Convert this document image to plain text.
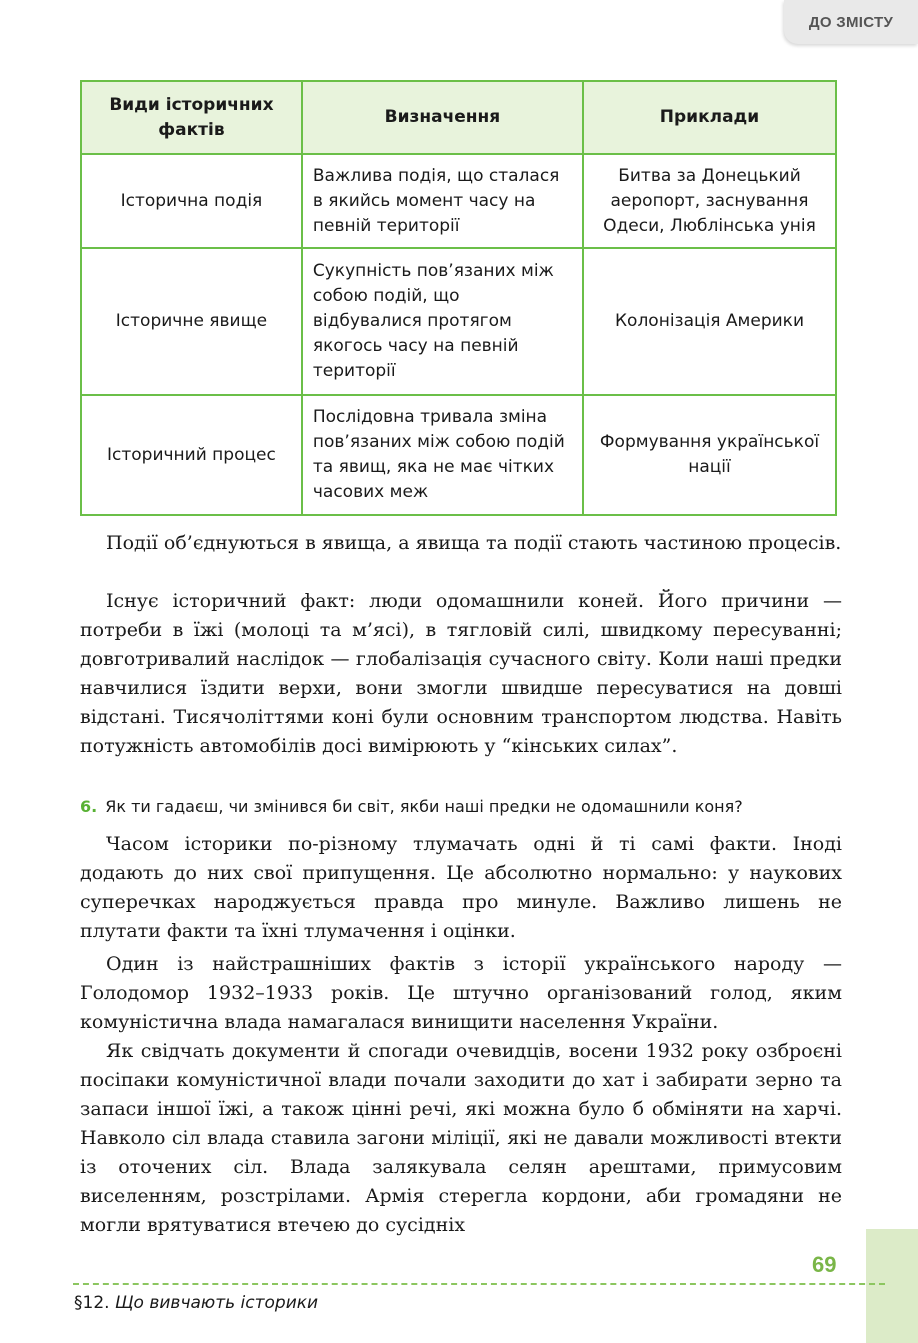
ДО ЗМІСТУ
Види історичних фактів	Визначення	Приклади
Історична подія	Важлива подія, що сталася в якийсь момент часу на певній території	Битва за Донецький аеропорт, заснування Одеси, Люблінська унія
Історичне явище	Сукупність пов’язаних між собою подій, що відбувалися протягом якогось часу на певній території	Колонізація Америки
Історичний процес	Послідовна тривала зміна пов’язаних між собою подій та явищ, яка не має чітких часових меж	Формування української нації

Події об’єднуються в явища, а явища та події стають частиною процесів.

Існує історичний факт: люди одомашнили коней. Його причини — потреби в їжі (молоці та м’ясі), в тягловій силі, швидкому пересуванні; довготривалий наслідок — глобалізація сучасного світу. Коли наші предки навчилися їздити верхи, вони змогли швидше пересуватися на довші відстані. Тисячоліттями коні були основним транспортом людства. Навіть потужність автомобілів досі вимірюють у “кінських силах”.

6. Як ти гадаєш, чи змінився би світ, якби наші предки не одомашнили коня?

Часом історики по-різному тлумачать одні й ті самі факти. Іноді додають до них свої припущення. Це абсолютно нормально: у наукових суперечках народжується правда про минуле. Важливо лишень не плутати факти та їхні тлумачення і оцінки.

Один із найстрашніших фактів з історії українського народу — Голодомор 1932–1933 років. Це штучно організований голод, яким комуністична влада намагалася винищити населення України.

Як свідчать документи й спогади очевидців, восени 1932 року озброєні посіпаки комуністичної влади почали заходити до хат і забирати зерно та запаси іншої їжі, а також цінні речі, які можна було б обміняти на харчі. Навколо сіл влада ставила загони міліції, які не давали можливості втекти із оточених сіл. Влада залякувала селян арештами, примусовим виселенням, розстрілами. Армія стерегла кордони, аби громадяни не могли врятуватися втечею до сусідніх

69
§12. Що вивчають історики
